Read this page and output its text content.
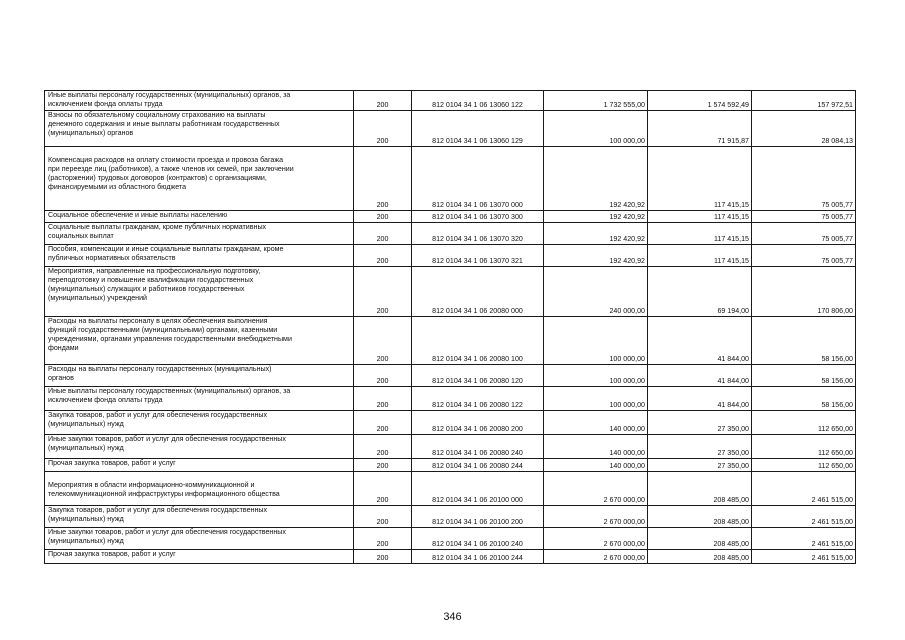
Иные выплаты персоналу государственных (муниципальных) органов, за
исключением фонда оплаты труда	200	812 0104 34 1 06 13060 122	1 732 555,00	1 574 592,49	157 972,51

Взносы по обязательному социальному страхованию на выплаты
денежного содержания и иные выплаты работникам государственных
(муниципальных) органов	200	812 0104 34 1 06 13060 129	100 000,00	71 915,87	28 084,13

Компенсация расходов на оплату стоимости проезда и провоза багажа
при переезде лиц (работников), а также членов их семей, при заключении
(расторжении) трудовых договоров (контрактов) с организациями,
финансируемыми из областного бюджета	200	812 0104 34 1 06 13070 000	192 420,92	117 415,15	75 005,77
Социальное обеспечение и иные выплаты населению	200	812 0104 34 1 06 13070 300	192 420,92	117 415,15	75 005,77

Социальные выплаты гражданам, кроме публичных нормативных
социальных выплат	200	812 0104 34 1 06 13070 320	192 420,92	117 415,15	75 005,77

Пособия, компенсации и иные социальные выплаты гражданам, кроме
публичных нормативных обязательств	200	812 0104 34 1 06 13070 321	192 420,92	117 415,15	75 005,77

Мероприятия, направленные на профессиональную подготовку,
переподготовку и повышение квалификации государственных
(муниципальных) служащих и работников государственных
(муниципальных) учреждений	200	812 0104 34 1 06 20080 000	240 000,00	69 194,00	170 806,00

Расходы на выплаты персоналу в целях обеспечения выполнения
функций государственными (муниципальными) органами, казенными
учреждениями, органами управления государственными внебюджетными
фондами	200	812 0104 34 1 06 20080 100	100 000,00	41 844,00	58 156,00

Расходы на выплаты персоналу государственных (муниципальных)
органов	200	812 0104 34 1 06 20080 120	100 000,00	41 844,00	58 156,00

Иные выплаты персоналу государственных (муниципальных) органов, за
исключением фонда оплаты труда	200	812 0104 34 1 06 20080 122	100 000,00	41 844,00	58 156,00

Закупка товаров, работ и услуг для обеспечения государственных
(муниципальных) нужд	200	812 0104 34 1 06 20080 200	140 000,00	27 350,00	112 650,00

Иные закупки товаров, работ и услуг для обеспечения государственных
(муниципальных) нужд	200	812 0104 34 1 06 20080 240	140 000,00	27 350,00	112 650,00
Прочая закупка товаров, работ и услуг	200	812 0104 34 1 06 20080 244	140 000,00	27 350,00	112 650,00

Мероприятия в области информационно-коммуникационной и
телекоммуникационной инфраструктуры информационного общества	200	812 0104 34 1 06 20100 000	2 670 000,00	208 485,00	2 461 515,00

Закупка товаров, работ и услуг для обеспечения государственных
(муниципальных) нужд	200	812 0104 34 1 06 20100 200	2 670 000,00	208 485,00	2 461 515,00

Иные закупки товаров, работ и услуг для обеспечения государственных
(муниципальных) нужд	200	812 0104 34 1 06 20100 240	2 670 000,00	208 485,00	2 461 515,00
Прочая закупка товаров, работ и услуг	200	812 0104 34 1 06 20100 244	2 670 000,00	208 485,00	2 461 515,00
346
